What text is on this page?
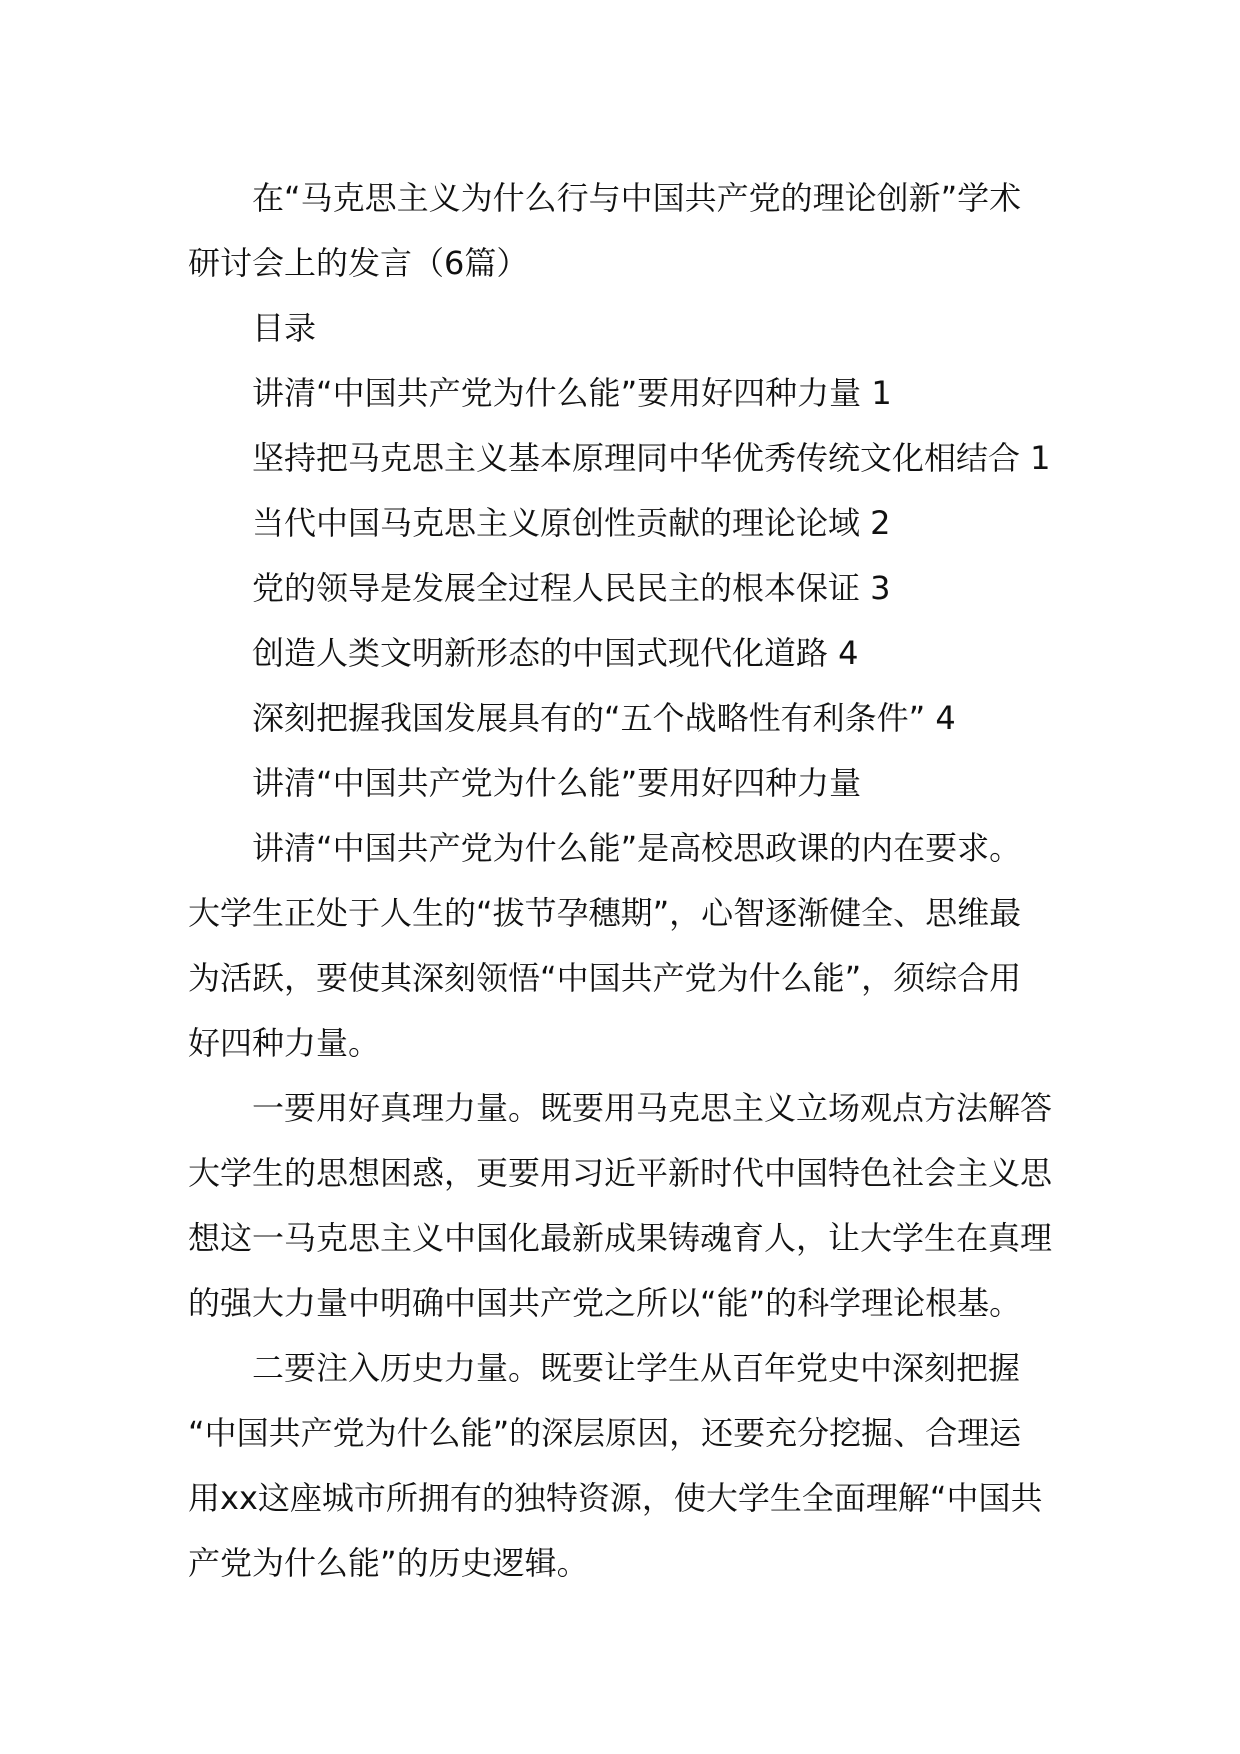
在“马克思主义为什么行与中国共产党的理论创新”学术

研讨会上的发言（6篇）

目录

讲清“中国共产党为什么能”要用好四种力量 1

坚持把马克思主义基本原理同中华优秀传统文化相结合 1

当代中国马克思主义原创性贡献的理论论域 2

党的领导是发展全过程人民民主的根本保证 3

创造人类文明新形态的中国式现代化道路 4

深刻把握我国发展具有的“五个战略性有利条件” 4

讲清“中国共产党为什么能”要用好四种力量

讲清“中国共产党为什么能”是高校思政课的内在要求。
大学生正处于人生的“拔节孕穗期”，心智逐渐健全、思维最
为活跃，要使其深刻领悟“中国共产党为什么能”，须综合用
好四种力量。
一要用好真理力量。既要用马克思主义立场观点方法解答
大学生的思想困惑，更要用习近平新时代中国特色社会主义思
想这一马克思主义中国化最新成果铸魂育人，让大学生在真理
的强大力量中明确中国共产党之所以“能”的科学理论根基。
二要注入历史力量。既要让学生从百年党史中深刻把握
“中国共产党为什么能”的深层原因，还要充分挖掘、合理运
用xx这座城市所拥有的独特资源，使大学生全面理解“中国共
产党为什么能”的历史逻辑。
